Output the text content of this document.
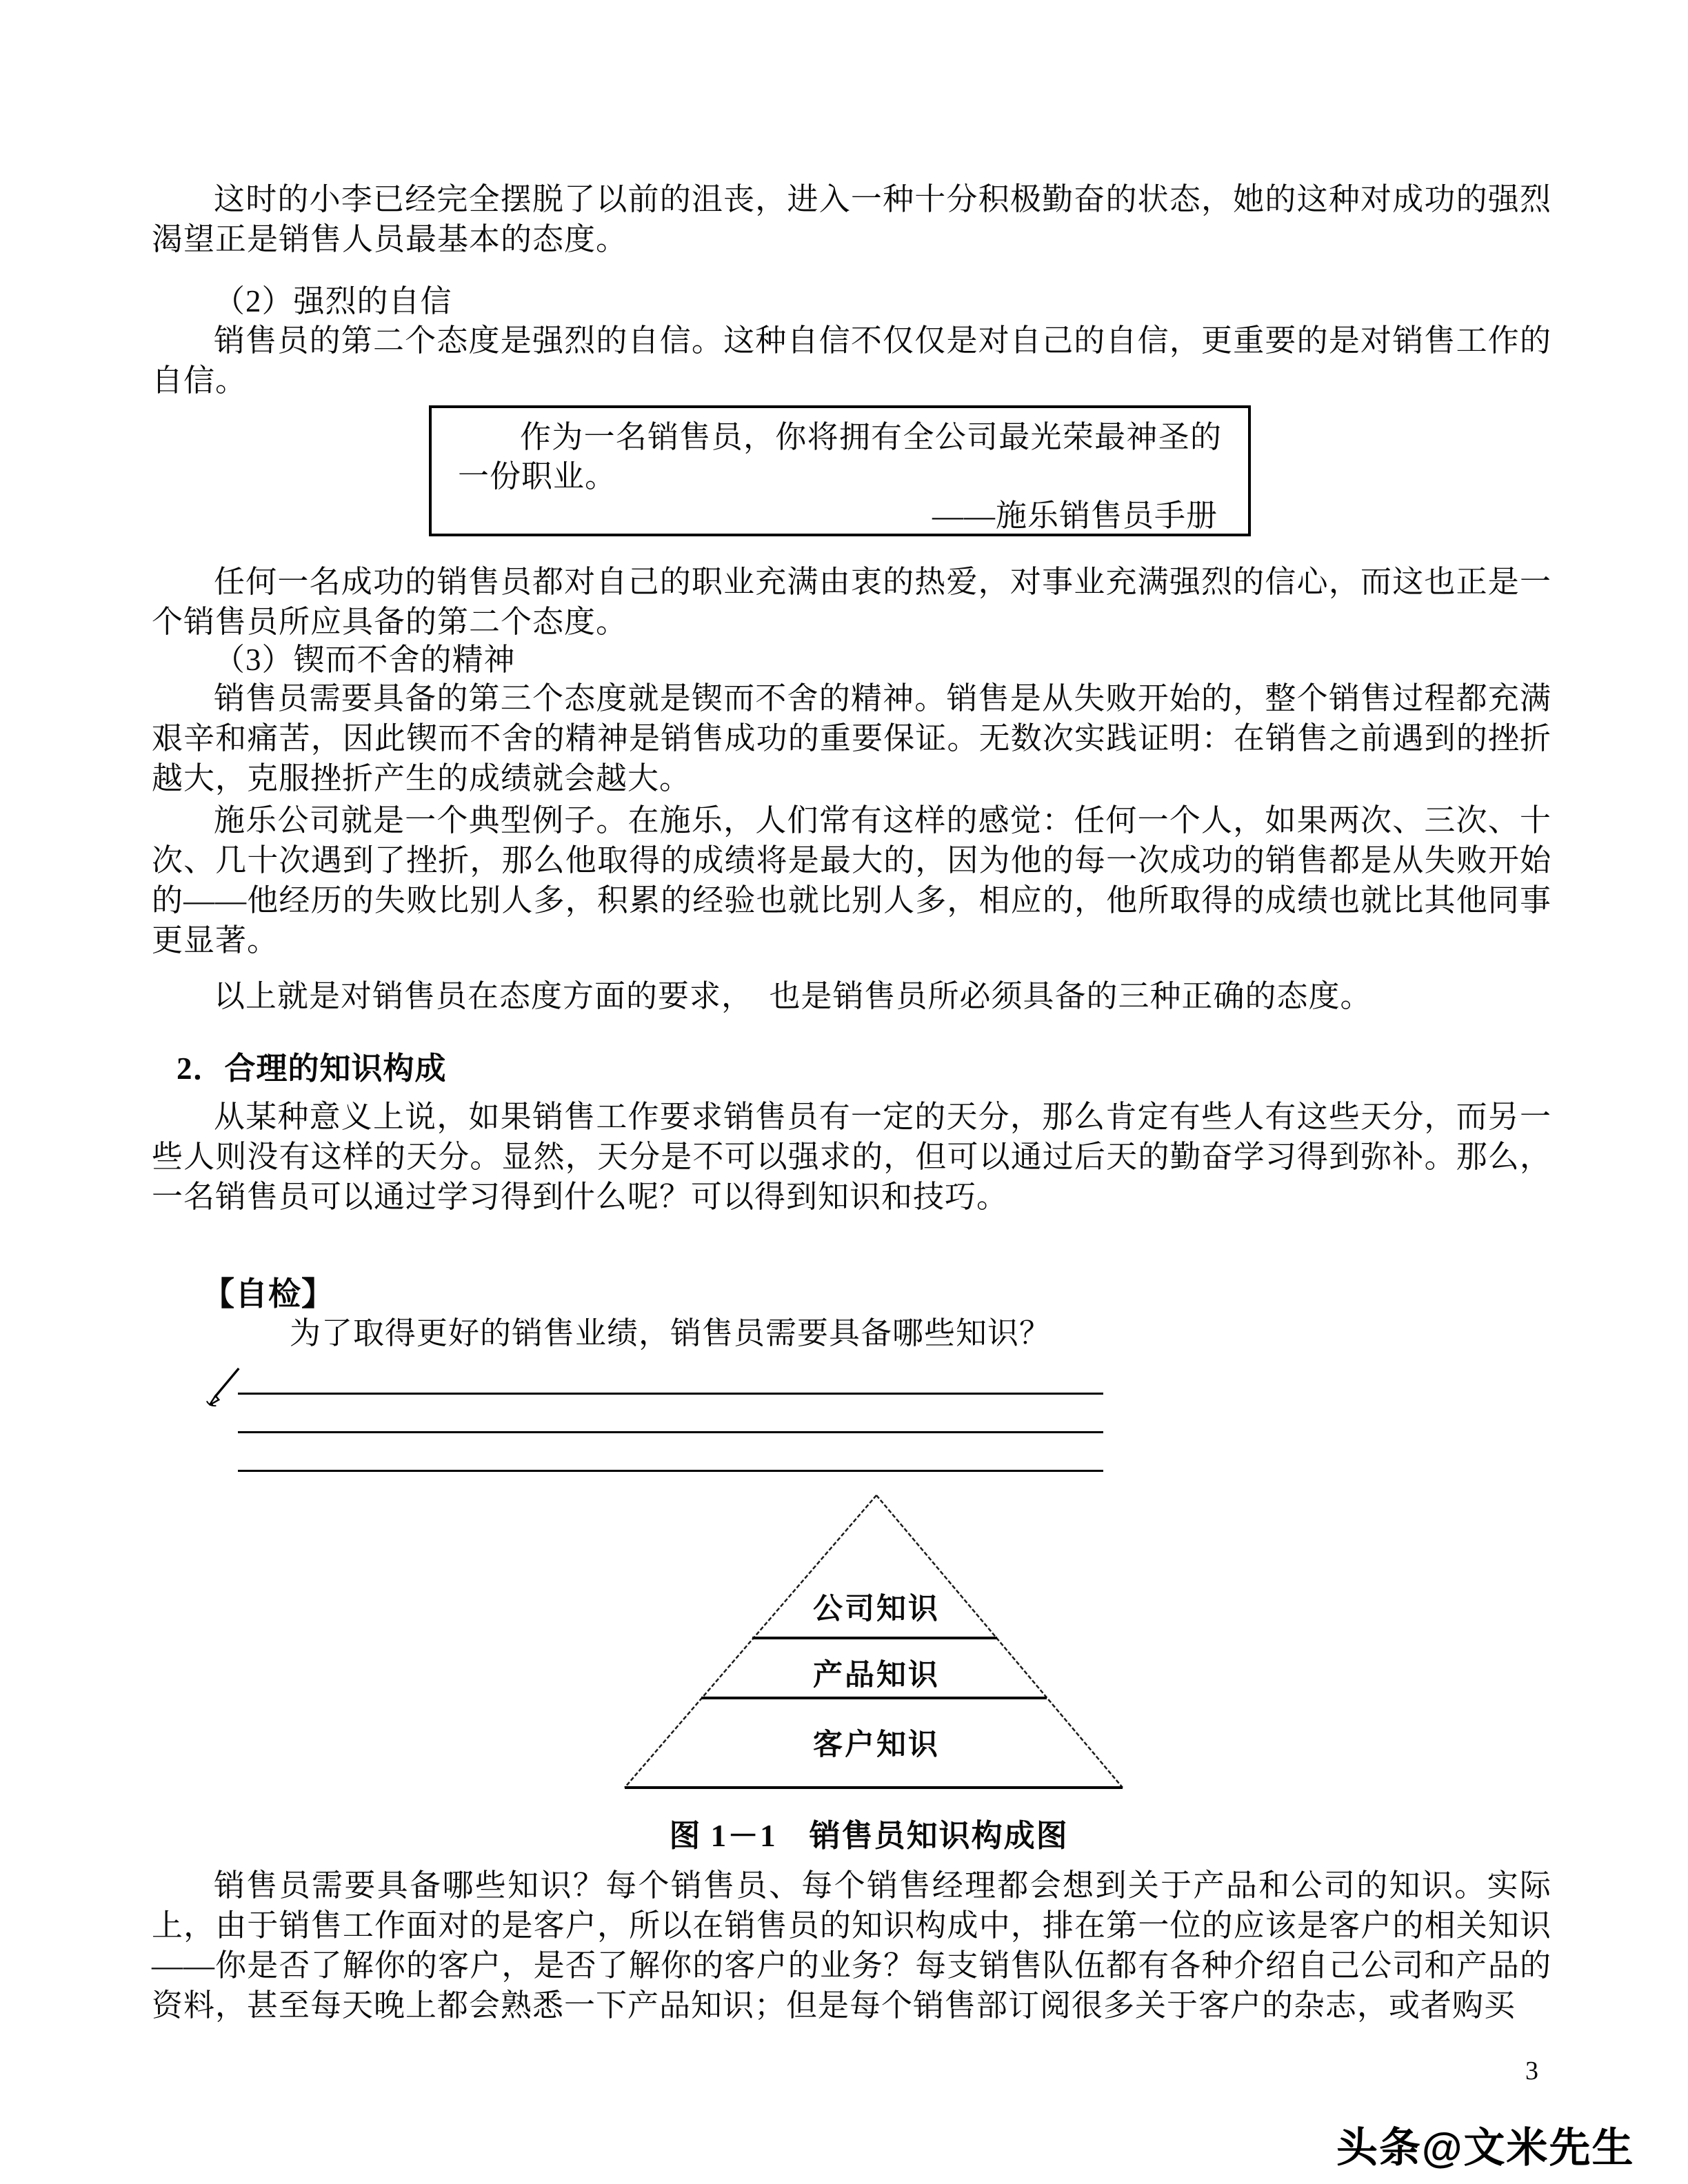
这时的小李已经完全摆脱了以前的沮丧，进入一种十分积极勤奋的状态，她的这种对成功的强烈渴望正是销售人员最基本的态度。
（2）强烈的自信
销售员的第二个态度是强烈的自信。这种自信不仅仅是对自己的自信，更重要的是对销售工作的自信。
作为一名销售员，你将拥有全公司最光荣最神圣的一份职业。
——施乐销售员手册
任何一名成功的销售员都对自己的职业充满由衷的热爱，对事业充满强烈的信心，而这也正是一个销售员所应具备的第二个态度。
（3）锲而不舍的精神
销售员需要具备的第三个态度就是锲而不舍的精神。销售是从失败开始的，整个销售过程都充满艰辛和痛苦，因此锲而不舍的精神是销售成功的重要保证。无数次实践证明：在销售之前遇到的挫折越大，克服挫折产生的成绩就会越大。
施乐公司就是一个典型例子。在施乐，人们常有这样的感觉：任何一个人，如果两次、三次、十次、几十次遇到了挫折，那么他取得的成绩将是最大的，因为他的每一次成功的销售都是从失败开始的——他经历的失败比别人多，积累的经验也就比别人多，相应的，他所取得的成绩也就比其他同事更显著。
以上就是对销售员在态度方面的要求，　也是销售员所必须具备的三种正确的态度。
2．合理的知识构成
从某种意义上说，如果销售工作要求销售员有一定的天分，那么肯定有些人有这些天分，而另一些人则没有这样的天分。显然，天分是不可以强求的，但可以通过后天的勤奋学习得到弥补。那么，一名销售员可以通过学习得到什么呢？可以得到知识和技巧。
【自检】
为了取得更好的销售业绩，销售员需要具备哪些知识？
公司知识
产品知识
客户知识
图 1－1　销售员知识构成图
销售员需要具备哪些知识？每个销售员、每个销售经理都会想到关于产品和公司的知识。实际上，由于销售工作面对的是客户，所以在销售员的知识构成中，排在第一位的应该是客户的相关知识——你是否了解你的客户，是否了解你的客户的业务？每支销售队伍都有各种介绍自己公司和产品的资料，甚至每天晚上都会熟悉一下产品知识；但是每个销售部订阅很多关于客户的杂志，或者购买
3
头条@文米先生
